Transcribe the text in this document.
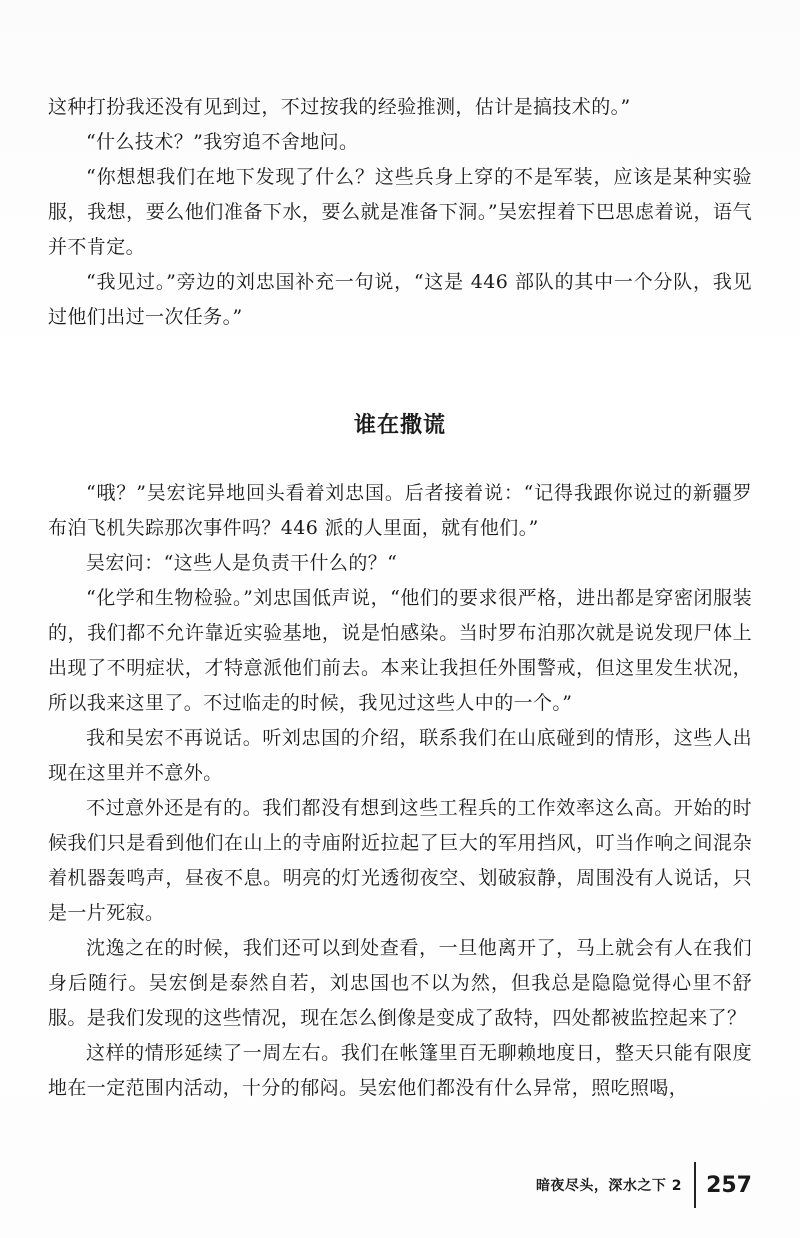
这种打扮我还没有见到过，不过按我的经验推测，估计是搞技术的。”

“什么技术？”我穷追不舍地问。

“你想想我们在地下发现了什么？这些兵身上穿的不是军装，应该是某种实验服，我想，要么他们准备下水，要么就是准备下洞。”吴宏捏着下巴思虑着说，语气并不肯定。

“我见过。”旁边的刘忠国补充一句说，“这是 446 部队的其中一个分队，我见过他们出过一次任务。”

谁在撒谎

“哦？”吴宏诧异地回头看着刘忠国。后者接着说：“记得我跟你说过的新疆罗布泊飞机失踪那次事件吗？446 派的人里面，就有他们。”

吴宏问：“这些人是负责干什么的？“

“化学和生物检验。”刘忠国低声说，“他们的要求很严格，进出都是穿密闭服装的，我们都不允许靠近实验基地，说是怕感染。当时罗布泊那次就是说发现尸体上出现了不明症状，才特意派他们前去。本来让我担任外围警戒，但这里发生状况，所以我来这里了。不过临走的时候，我见过这些人中的一个。”

我和吴宏不再说话。听刘忠国的介绍，联系我们在山底碰到的情形，这些人出现在这里并不意外。

不过意外还是有的。我们都没有想到这些工程兵的工作效率这么高。开始的时候我们只是看到他们在山上的寺庙附近拉起了巨大的军用挡风，叮当作响之间混杂着机器轰鸣声，昼夜不息。明亮的灯光透彻夜空、划破寂静，周围没有人说话，只是一片死寂。

沈逸之在的时候，我们还可以到处查看，一旦他离开了，马上就会有人在我们身后随行。吴宏倒是泰然自若，刘忠国也不以为然，但我总是隐隐觉得心里不舒服。是我们发现的这些情况，现在怎么倒像是变成了敌特，四处都被监控起来了？

这样的情形延续了一周左右。我们在帐篷里百无聊赖地度日，整天只能有限度地在一定范围内活动，十分的郁闷。吴宏他们都没有什么异常，照吃照喝，

暗夜尽头，深水之下 2	257
